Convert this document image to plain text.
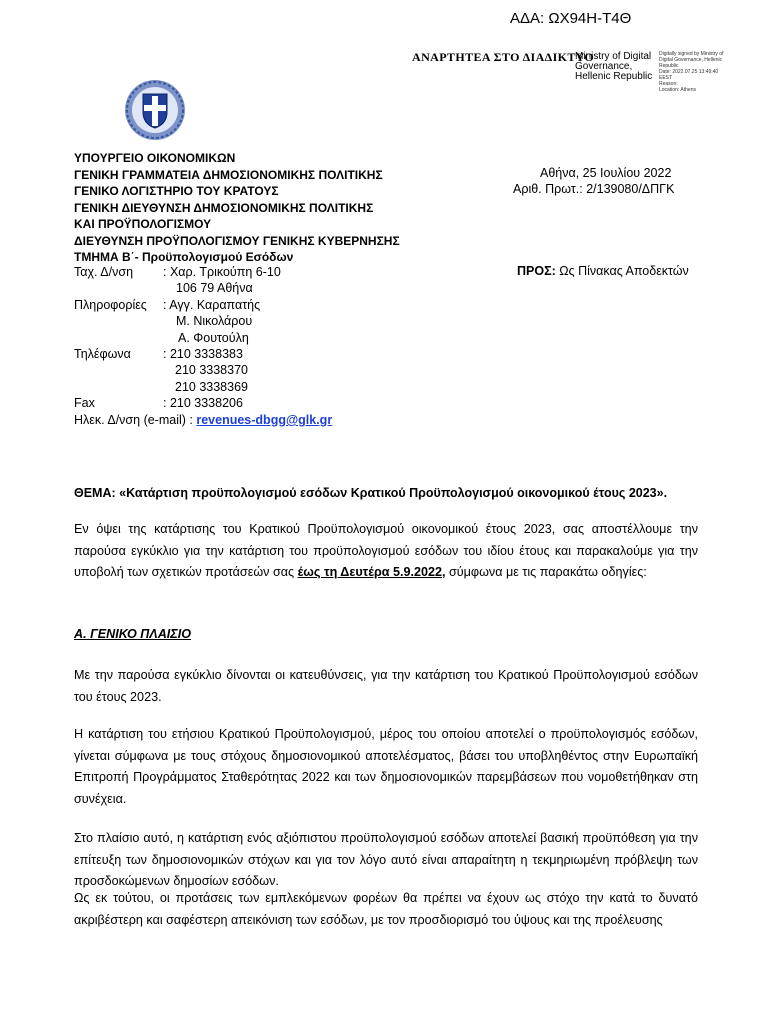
ΑΔΑ: ΩΧ94Η-Τ4Θ
ΑΝΑΡΤΗΤΕΑ ΣΤΟ ΔΙΑΔΙΚΤΥΟ
Ministry of Digital
Governance,
Hellenic Republic
Digitally signed by Ministry of
Digital Governance, Hellenic
Republic
Date: 2022.07.25 13:49:40
EEST
Reason:
Location: Athens
ΥΠΟΥΡΓΕΙΟ ΟΙΚΟΝΟΜΙΚΩΝ
ΓΕΝΙΚΗ ΓΡΑΜΜΑΤΕΙΑ ΔΗΜΟΣΙΟΝΟΜΙΚΗΣ ΠΟΛΙΤΙΚΗΣ
ΓΕΝΙΚΟ ΛΟΓΙΣΤΗΡΙΟ ΤΟΥ ΚΡΑΤΟΥΣ
ΓΕΝΙΚΗ ΔΙΕΥΘΥΝΣΗ ΔΗΜΟΣΙΟΝΟΜΙΚΗΣ ΠΟΛΙΤΙΚΗΣ
ΚΑΙ ΠΡΟΫΠΟΛΟΓΙΣΜΟΥ
ΔΙΕΥΘΥΝΣΗ ΠΡΟΫΠΟΛΟΓΙΣΜΟΥ ΓΕΝΙΚΗΣ ΚΥΒΕΡΝΗΣΗΣ
ΤΜΗΜΑ Β΄- Προϋπολογισμού Εσόδων
Αθήνα, 25 Ιουλίου 2022
Αριθ. Πρωτ.: 2/139080/ΔΠΓΚ
ΠΡΟΣ: Ως Πίνακας Αποδεκτών
Ταχ. Δ/νση : Χαρ. Τρικούπη 6-10
106 79 Αθήνα
Πληροφορίες : Αγγ. Καραπατής
Μ. Νικολάρου
Α. Φουτούλη
Τηλέφωνα	: 210 3338383
210 3338370
210 3338369
Fax	: 210 3338206
Ηλεκ. Δ/νση (e-mail) : revenues-dbgg@glk.gr
ΘΕΜΑ: «Κατάρτιση προϋπολογισμού εσόδων Κρατικού Προϋπολογισμού οικονομικού έτους 2023».
Εν όψει της κατάρτισης του Κρατικού Προϋπολογισμού οικονομικού έτους 2023, σας αποστέλλουμε την παρούσα εγκύκλιο για την κατάρτιση του προϋπολογισμού εσόδων του ιδίου έτους και παρακαλούμε για την υποβολή των σχετικών προτάσεών σας έως τη Δευτέρα 5.9.2022, σύμφωνα με τις παρακάτω οδηγίες:
Α. ΓΕΝΙΚΟ ΠΛΑΙΣΙΟ
Με την παρούσα εγκύκλιο δίνονται οι κατευθύνσεις, για την κατάρτιση του Κρατικού Προϋπολογισμού εσόδων του έτους 2023.
Η κατάρτιση του ετήσιου Κρατικού Προϋπολογισμού, μέρος του οποίου αποτελεί ο προϋπολογισμός εσόδων, γίνεται σύμφωνα με τους στόχους δημοσιονομικού αποτελέσματος, βάσει του υποβληθέντος στην Ευρωπαϊκή Επιτροπή Προγράμματος Σταθερότητας 2022 και των δημοσιονομικών παρεμβάσεων που νομοθετήθηκαν στη συνέχεια.
Στο πλαίσιο αυτό, η κατάρτιση ενός αξιόπιστου προϋπολογισμού εσόδων αποτελεί βασική προϋπόθεση για την επίτευξη των δημοσιονομικών στόχων και για τον λόγο αυτό είναι απαραίτητη η τεκμηριωμένη πρόβλεψη των προσδοκώμενων δημοσίων εσόδων.
Ως εκ τούτου, οι προτάσεις των εμπλεκόμενων φορέων θα πρέπει να έχουν ως στόχο την κατά το δυνατό ακριβέστερη και σαφέστερη απεικόνιση των εσόδων, με τον προσδιορισμό του ύψους και της προέλευσης
